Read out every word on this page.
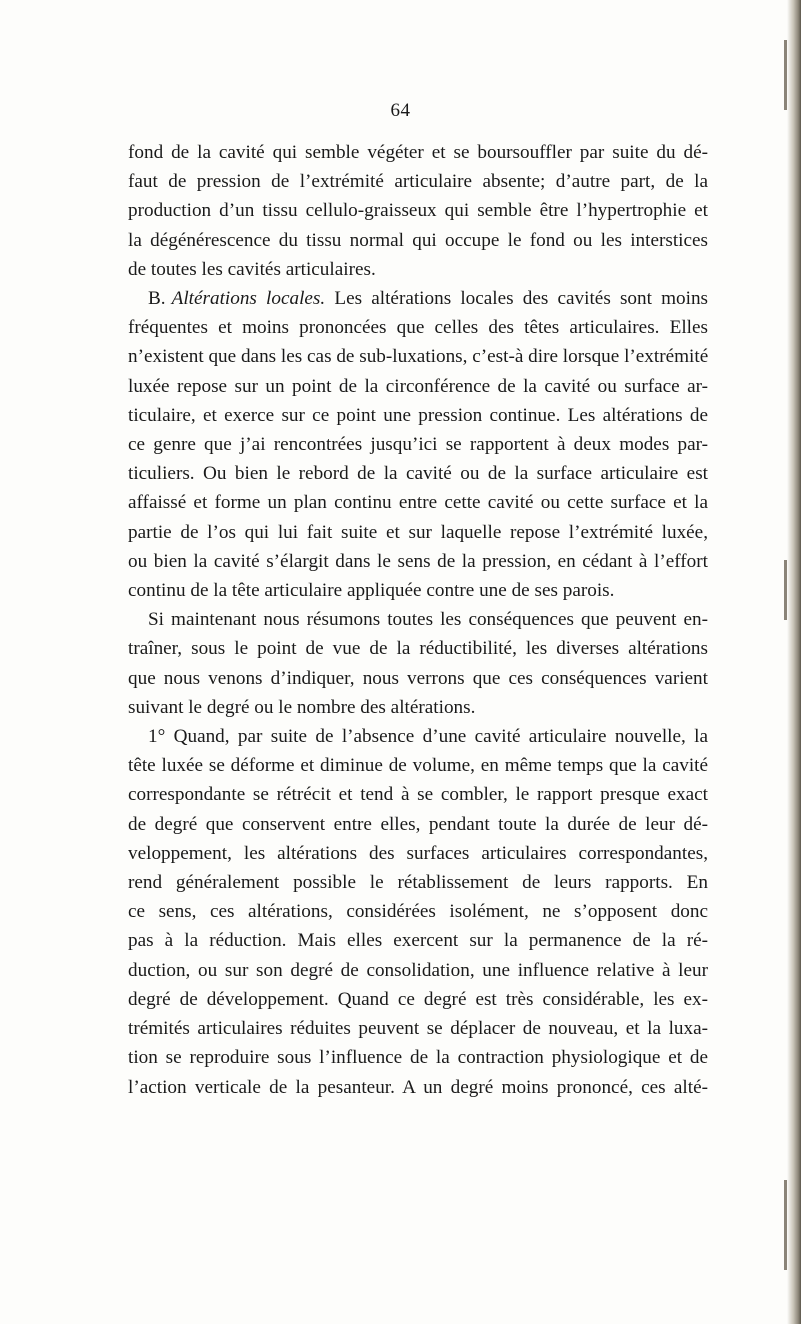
64
fond de la cavité qui semble végéter et se boursouffler par suite du dé-
faut de pression de l’extrémité articulaire absente; d’autre part, de la
production d’un tissu cellulo-graisseux qui semble être l’hypertrophie et
la dégénérescence du tissu normal qui occupe le fond ou les interstices
de toutes les cavités articulaires.
B. Altérations locales. Les altérations locales des cavités sont moins
fréquentes et moins prononcées que celles des têtes articulaires. Elles
n’existent que dans les cas de sub-luxations, c’est-à dire lorsque l’extrémité
luxée repose sur un point de la circonférence de la cavité ou surface ar-
ticulaire, et exerce sur ce point une pression continue. Les altérations de
ce genre que j’ai rencontrées jusqu’ici se rapportent à deux modes par-
ticuliers. Ou bien le rebord de la cavité ou de la surface articulaire est
affaissé et forme un plan continu entre cette cavité ou cette surface et la
partie de l’os qui lui fait suite et sur laquelle repose l’extrémité luxée,
ou bien la cavité s’élargit dans le sens de la pression, en cédant à l’effort
continu de la tête articulaire appliquée contre une de ses parois.
Si maintenant nous résumons toutes les conséquences que peuvent en-
traîner, sous le point de vue de la réductibilité, les diverses altérations
que nous venons d’indiquer, nous verrons que ces conséquences varient
suivant le degré ou le nombre des altérations.
1° Quand, par suite de l’absence d’une cavité articulaire nouvelle, la
tête luxée se déforme et diminue de volume, en même temps que la cavité
correspondante se rétrécit et tend à se combler, le rapport presque exact
de degré que conservent entre elles, pendant toute la durée de leur dé-
veloppement, les altérations des surfaces articulaires correspondantes,
rend généralement possible le rétablissement de leurs rapports. En
ce sens, ces altérations, considérées isolément, ne s’opposent donc
pas à la réduction. Mais elles exercent sur la permanence de la ré-
duction, ou sur son degré de consolidation, une influence relative à leur
degré de développement. Quand ce degré est très considérable, les ex-
trémités articulaires réduites peuvent se déplacer de nouveau, et la luxa-
tion se reproduire sous l’influence de la contraction physiologique et de
l’action verticale de la pesanteur. A un degré moins prononcé, ces alté-
